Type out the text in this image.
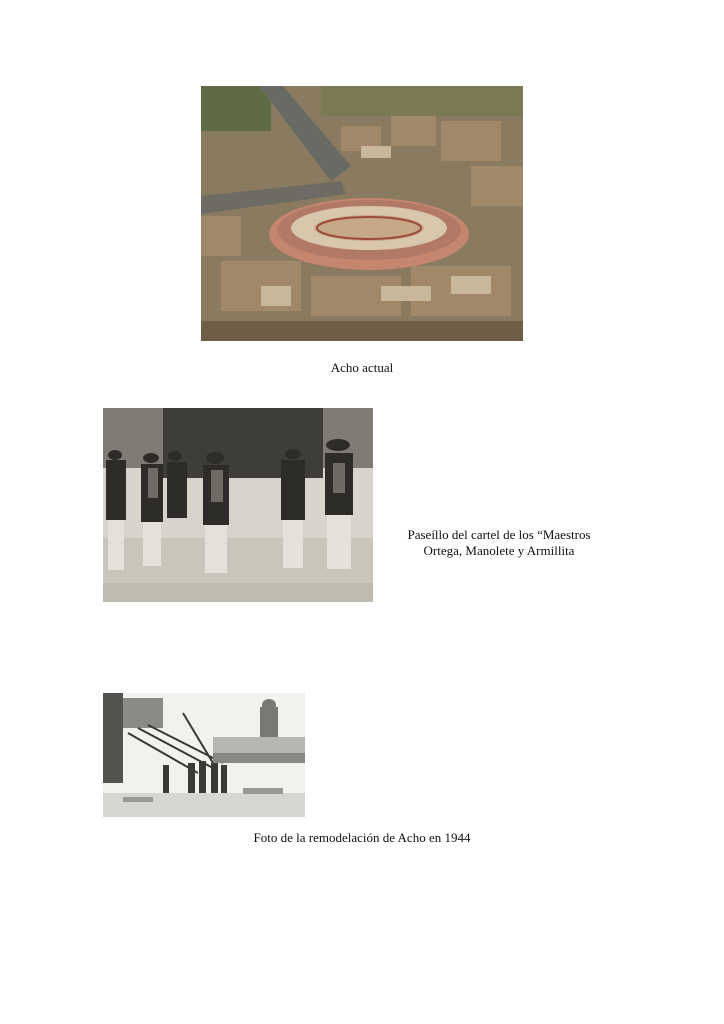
Acho actual
Paseíllo del cartel de los “Maestros
Ortega, Manolete y Armillita
Foto de la remodelación de Acho en 1944
